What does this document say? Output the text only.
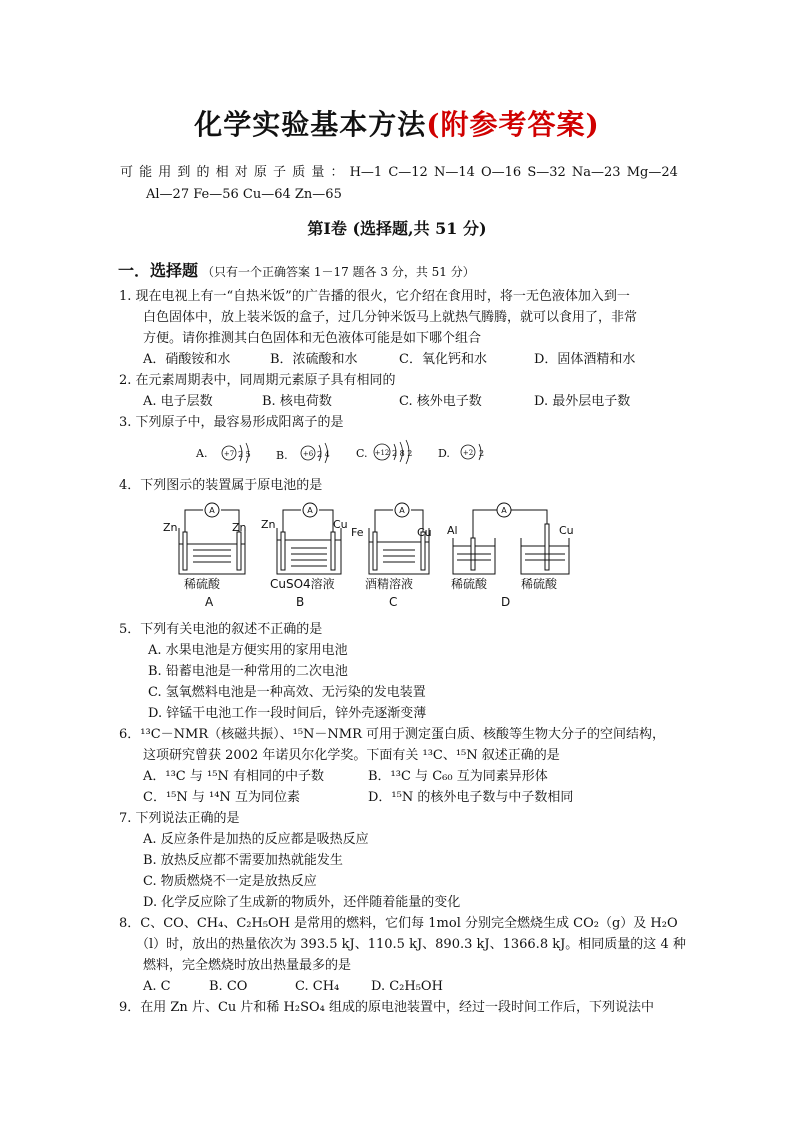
化学实验基本方法(附参考答案)
可 能 用 到 的 相 对 原 子 质 量 ： H—1 C—12 N—14 O—16 S—32 Na—23 Mg—24
Al—27 Fe—56 Cu—64 Zn—65
第Ⅰ卷 (选择题,共 51 分)
一．选择题 （只有一个正确答案 1－17 题各 3 分，共 51 分）
1. 现在电视上有一“自热米饭”的广告播的很火，它介绍在食用时，将一无色液体加入到一
白色固体中，放上装米饭的盒子，过几分钟米饭马上就热气腾腾，就可以食用了，非常
方便。请你推测其白色固体和无色液体可能是如下哪个组合
A．硝酸铵和水	B．浓硫酸和水	C．氧化钙和水	D．固体酒精和水
2. 在元素周期表中，同周期元素原子具有相同的
A. 电子层数	B. 核电荷数	C. 核外电子数	D. 最外层电子数
3. 下列原子中，最容易形成阳离子的是
A. +7 2 5 B. +6 2 4 C. +12 2 8 2 D. +2 2
4．下列图示的装置属于原电池的是
A
Zn	Zn
稀硫酸
A
A
Zn	Cu
CuSO4溶液
B
A
Fe	Cu
酒精溶液
C
A
Al	Cu
稀硫酸	稀硫酸
D
5．下列有关电池的叙述不正确的是
A. 水果电池是方便实用的家用电池
B. 铅蓄电池是一种常用的二次电池
C. 氢氧燃料电池是一种高效、无污染的发电装置
D. 锌锰干电池工作一段时间后，锌外壳逐渐变薄
6．¹³C－NMR（核磁共振）、¹⁵N－NMR 可用于测定蛋白质、核酸等生物大分子的空间结构，
这项研究曾获 2002 年诺贝尔化学奖。下面有关 ¹³C、¹⁵N 叙述正确的是
A．¹³C 与 ¹⁵N 有相同的中子数	B．¹³C 与 C₆₀ 互为同素异形体
C．¹⁵N 与 ¹⁴N 互为同位素	D．¹⁵N 的核外电子数与中子数相同
7. 下列说法正确的是
A. 反应条件是加热的反应都是吸热反应
B. 放热反应都不需要加热就能发生
C. 物质燃烧不一定是放热反应
D. 化学反应除了生成新的物质外，还伴随着能量的变化
8．C、CO、CH₄、C₂H₅OH 是常用的燃料，它们每 1mol 分别完全燃烧生成 CO₂（g）及 H₂O
（l）时，放出的热量依次为 393.5 kJ、110.5 kJ、890.3 kJ、1366.8 kJ。相同质量的这 4 种
燃料，完全燃烧时放出热量最多的是
A. C	B. CO	C. CH₄ D. C₂H₅OH
9．在用 Zn 片、Cu 片和稀 H₂SO₄ 组成的原电池装置中，经过一段时间工作后，下列说法中
